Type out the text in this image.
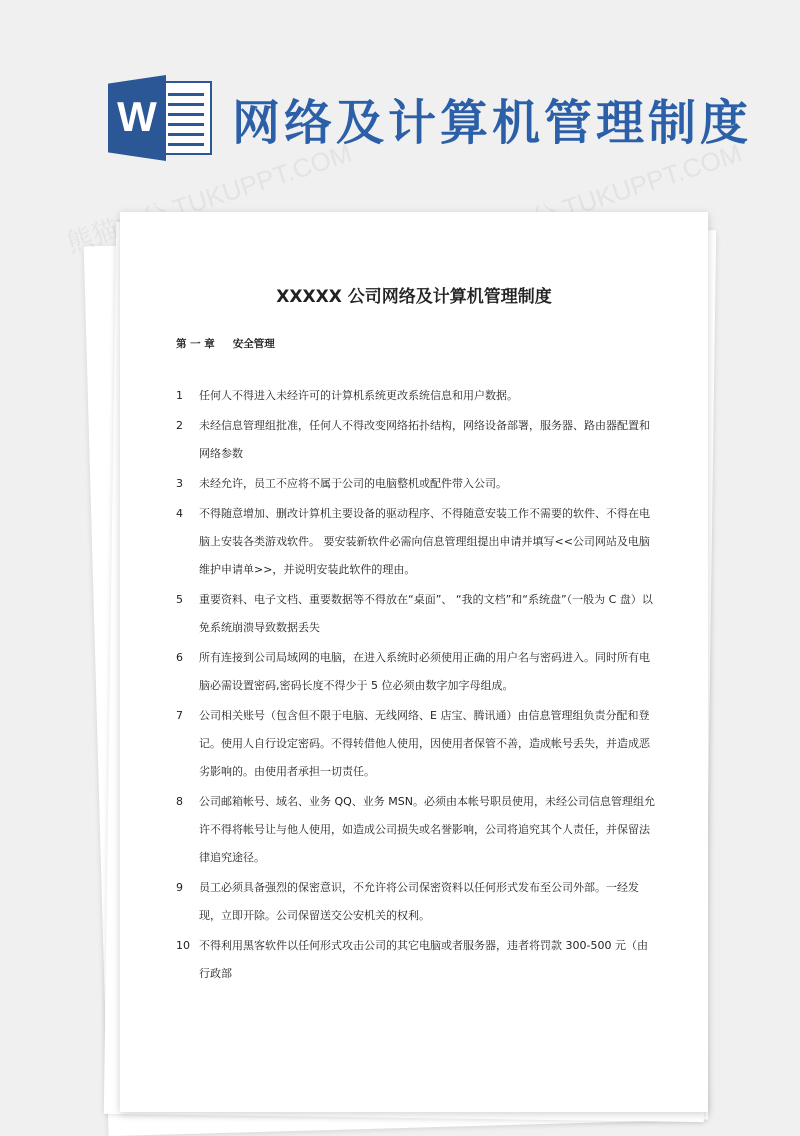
W 网络及计算机管理制度
熊猫办公 TUKUPPT.COM	熊猫办公 TUKUPPT.COM
XXXXX 公司网络及计算机管理制度
第 一 章 安全管理
1	任何人不得进入未经许可的计算机系统更改系统信息和用户数据。
2	未经信息管理组批准，任何人不得改变网络拓扑结构，网络设备部署，服务器、路由器配置和网络参数
3	未经允许，员工不应将不属于公司的电脑整机或配件带入公司。
4	不得随意增加、删改计算机主要设备的驱动程序、不得随意安装工作不需要的软件、不得在电脑上安装各类游戏软件。 要安装新软件必需向信息管理组提出申请并填写<<公司网站及电脑维护申请单>>，并说明安装此软件的理由。
5	重要资料、电子文档、重要数据等不得放在“桌面”、 “我的文档”和“系统盘”（一般为 C 盘）以免系统崩溃导致数据丢失
6	所有连接到公司局域网的电脑，在进入系统时必须使用正确的用户名与密码进入。同时所有电脑必需设置密码,密码长度不得少于 5 位必须由数字加字母组成。
7	公司相关账号（包含但不限于电脑、无线网络、E 店宝、腾讯通）由信息管理组负责分配和登记。使用人自行设定密码。不得转借他人使用，因使用者保管不善，造成帐号丢失，并造成恶劣影响的。由使用者承担一切责任。
8	公司邮箱帐号、域名、业务 QQ、业务 MSN。必须由本帐号职员使用，未经公司信息管理组允许不得将帐号让与他人使用，如造成公司损失或名誉影响，公司将追究其个人责任，并保留法律追究途径。
9	员工必须具备强烈的保密意识，不允许将公司保密资料以任何形式发布至公司外部。一经发现，立即开除。公司保留送交公安机关的权利。
10 不得利用黑客软件以任何形式攻击公司的其它电脑或者服务器，违者将罚款 300-500 元（由行政部
